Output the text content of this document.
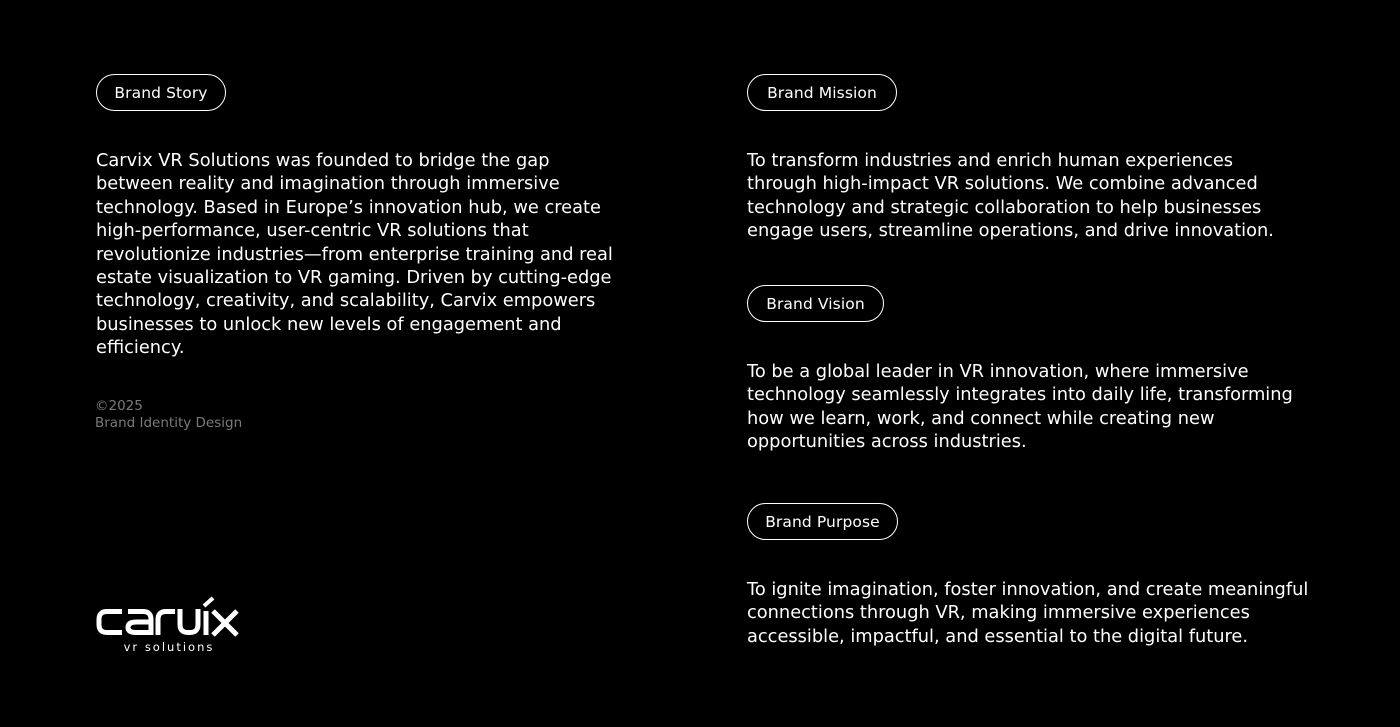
Brand Story

Carvix VR Solutions was founded to bridge the gap between reality and imagination through immersive technology. Based in Europe’s innovation hub, we create high-performance, user-centric VR solutions that revolutionize industries—from enterprise training and real estate visualization to VR gaming. Driven by cutting-edge technology, creativity, and scalability, Carvix empowers businesses to unlock new levels of engagement and efficiency.

©2025
Brand Identity Design
vr solutions
Brand Mission

To transform industries and enrich human experiences through high-impact VR solutions. We combine advanced technology and strategic collaboration to help businesses engage users, streamline operations, and drive innovation.

Brand Vision

To be a global leader in VR innovation, where immersive technology seamlessly integrates into daily life, transforming how we learn, work, and connect while creating new opportunities across industries.

Brand Purpose

To ignite imagination, foster innovation, and create meaningful connections through VR, making immersive experiences accessible, impactful, and essential to the digital future.
